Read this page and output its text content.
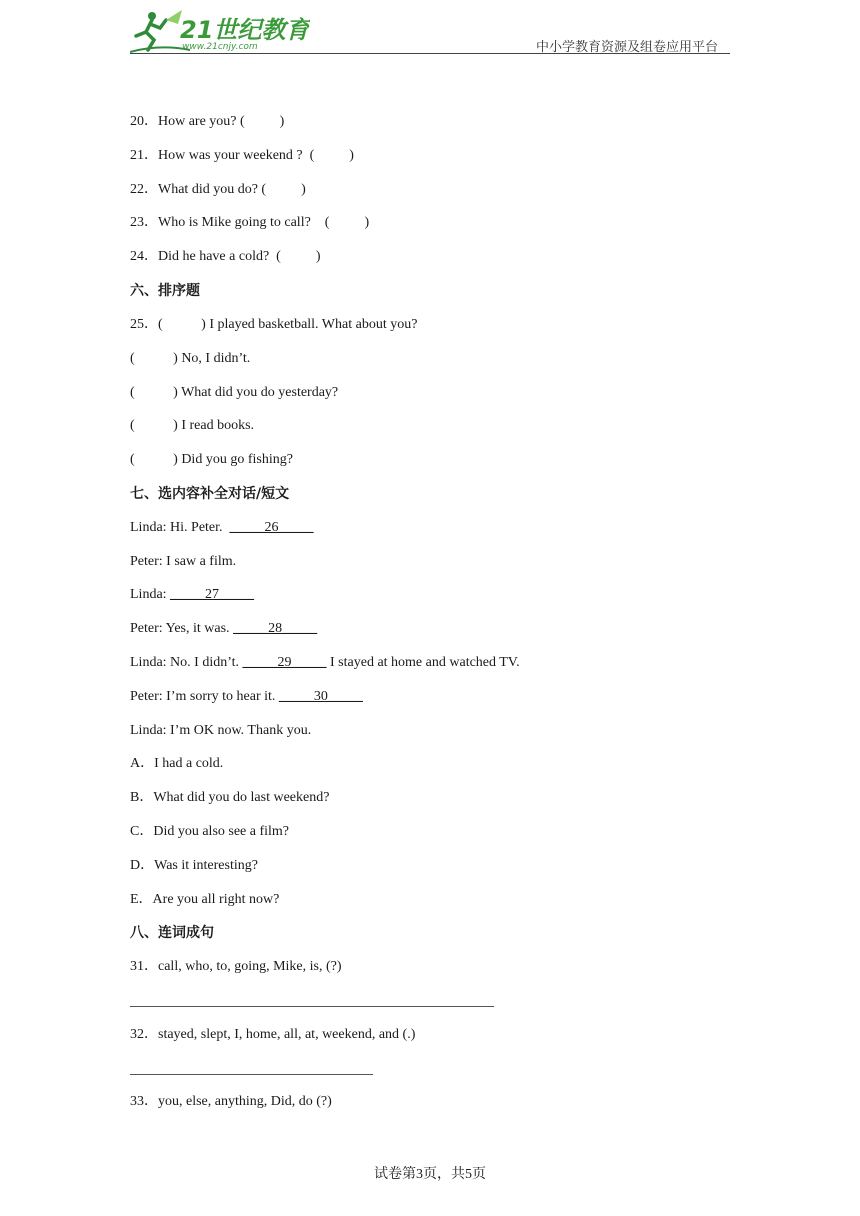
21世纪教育
www.21cnjy.com	中小学教育资源及组卷应用平台
20．How are you? (          )
21．How was your weekend ?  (          )
22．What did you do? (          )
23．Who is Mike going to call?    (          )
24．Did he have a cold?  (          )
六、排序题
25．(           ) I played basketball. What about you?
(           ) No, I didn’t.
(           ) What did you do yesterday?
(           ) I read books.
(           ) Did you go fishing?
七、选内容补全对话/短文
Linda: Hi. Peter.  _____26_____
Peter: I saw a film.
Linda: _____27_____
Peter: Yes, it was. _____28_____
Linda: No. I didn’t. _____29_____ I stayed at home and watched TV.
Peter: I’m sorry to hear it. _____30_____
Linda: I’m OK now. Thank you.
A．I had a cold.
B．What did you do last weekend?
C．Did you also see a film?
D．Was it interesting?
E．Are you all right now?
八、连词成句
31．call, who, to, going, Mike, is, (?)
32．stayed, slept, I, home, all, at, weekend, and (.)
33．you, else, anything, Did, do (?)
试卷第3页，共5页
